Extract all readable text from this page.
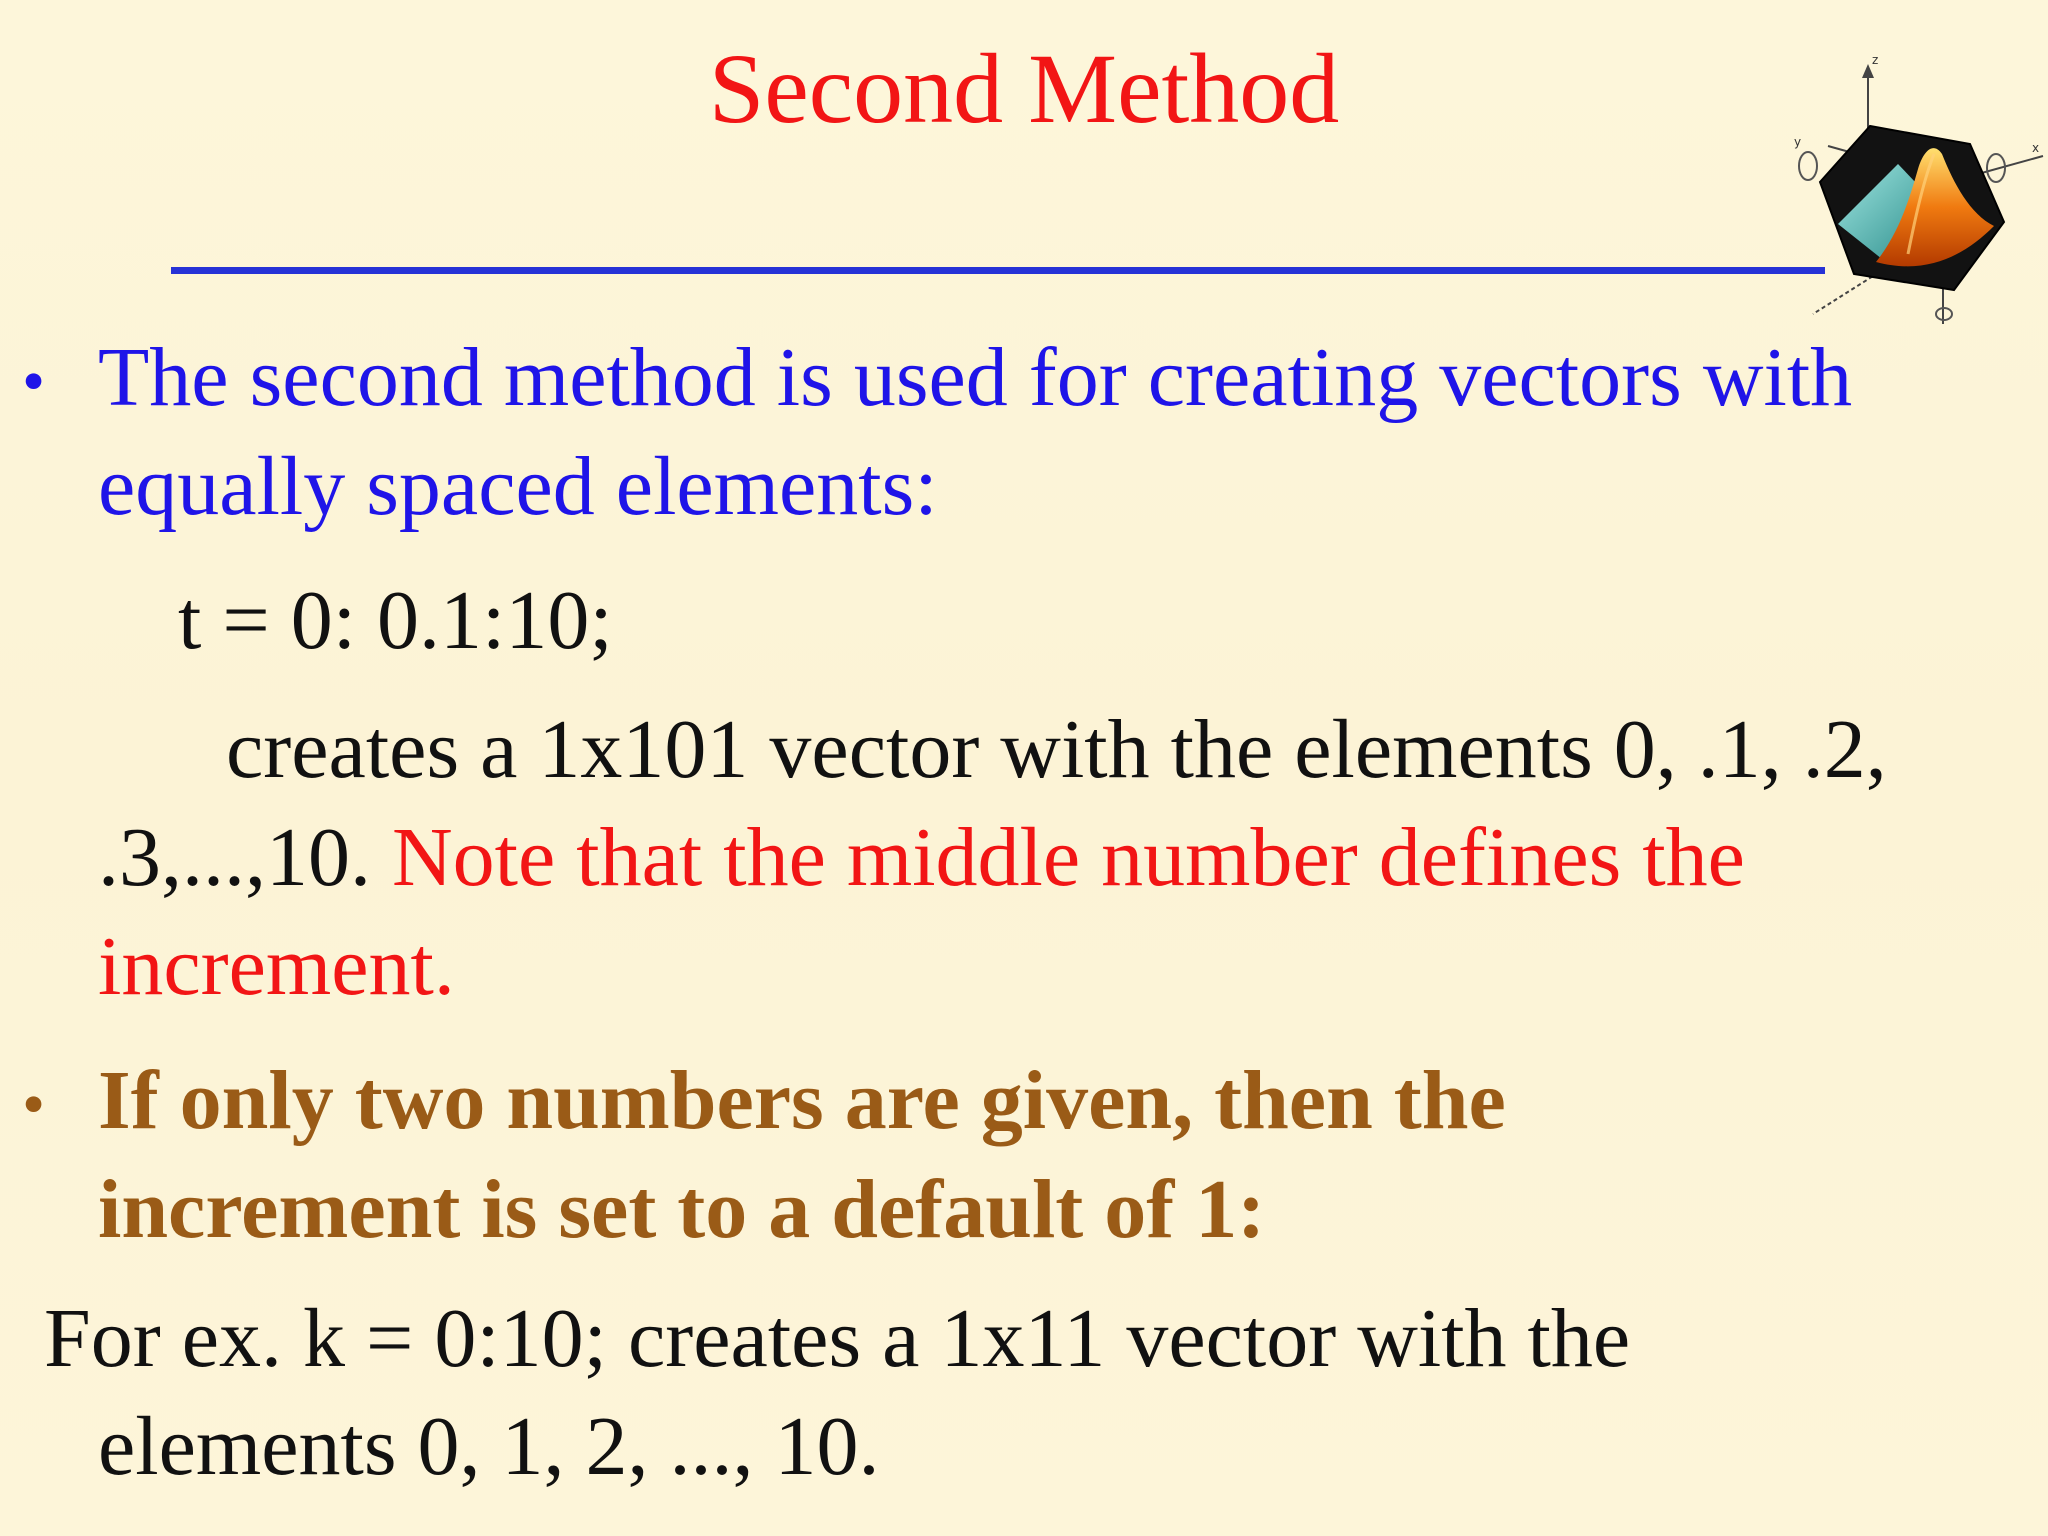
Second Method	z
y	x
• The second method is used for creating vectors with
equally spaced elements:
t = 0: 0.1:10;
creates a 1x101 vector with the elements 0, .1, .2,
.3,...,10. Note that the middle number defines the
increment.
• If only two numbers are given, then the
increment is set to a default of 1:
For ex. k = 0:10; creates a 1x11 vector with the
elements 0, 1, 2, ..., 10.
